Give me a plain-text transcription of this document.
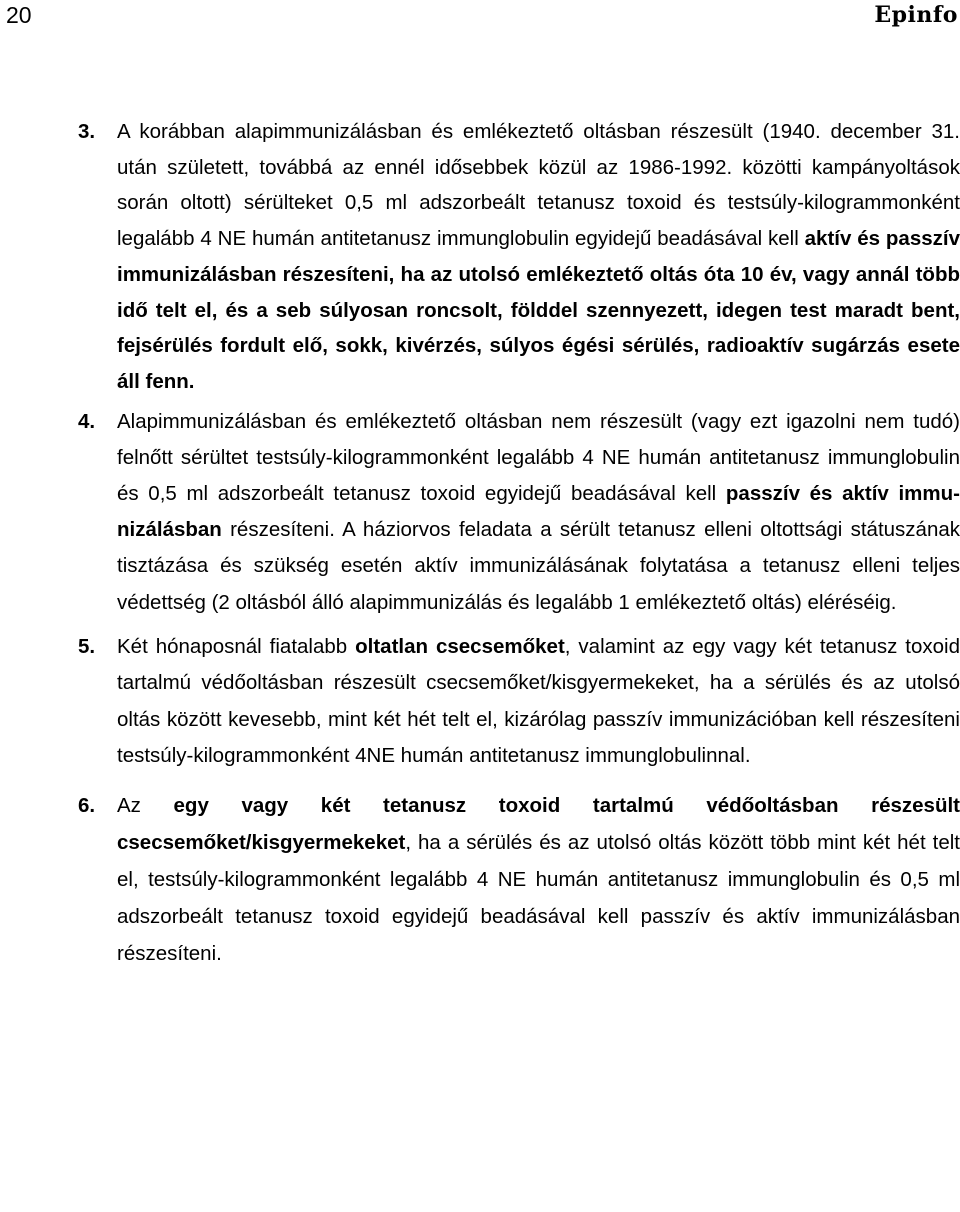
20	Epinfo
3. A korábban alapimmunizálásban és emlékeztető oltásban részesült (1940. december 31. után született, továbbá az ennél idősebbek közül az 1986-1992. közötti kampányoltások során oltott) sérülteket 0,5 ml adszorbeált tetanusz toxoid és testsúly-kilogrammonként legalább 4 NE humán antitetanusz immunglobulin egyidejű beadásával kell aktív és passzív immunizálásban részesíteni, ha az utolsó emlékeztető oltás óta 10 év, vagy annál több idő telt el, és a seb súlyosan roncsolt, földdel szennyezett, idegen test maradt bent, fejsérülés fordult elő, sokk, kivérzés, súlyos égési sérülés, radioaktív sugárzás esete áll fenn.
4. Alapimmunizálásban és emlékeztető oltásban nem részesült (vagy ezt igazolni nem tudó) felnőtt sérültet testsúly-kilogrammonként legalább 4 NE humán antitetanusz immunglobulin és 0,5 ml adszorbeált tetanusz toxoid egyidejű beadásával kell passzív és aktív immunizálásban részesíteni. A háziorvos feladata a sérült tetanusz elleni oltottsági státuszának tisztázása és szükség esetén aktív immunizálásának folytatása a tetanusz elleni teljes védettség (2 oltásból álló alapimmunizálás és legalább 1 emlékeztető oltás) eléréséig.
5. Két hónaposnál fiatalabb oltatlan csecsemőket, valamint az egy vagy két tetanusz toxoid tartalmú védőoltásban részesült csecsemőket/kisgyermekeket, ha a sérülés és az utolsó oltás között kevesebb, mint két hét telt el, kizárólag passzív immunizációban kell részesíteni testsúly-kilogrammonként 4NE humán antitetanusz immunglobulinnal.
6. Az egy vagy két tetanusz toxoid tartalmú védőoltásban részesült csecsemőket/kisgyermekeket, ha a sérülés és az utolsó oltás között több mint két hét telt el, testsúly-kilogrammonként legalább 4 NE humán antitetanusz immunglobulin és 0,5 ml adszorbeált tetanusz toxoid egyidejű beadásával kell passzív és aktív immunizálásban részesíteni.
